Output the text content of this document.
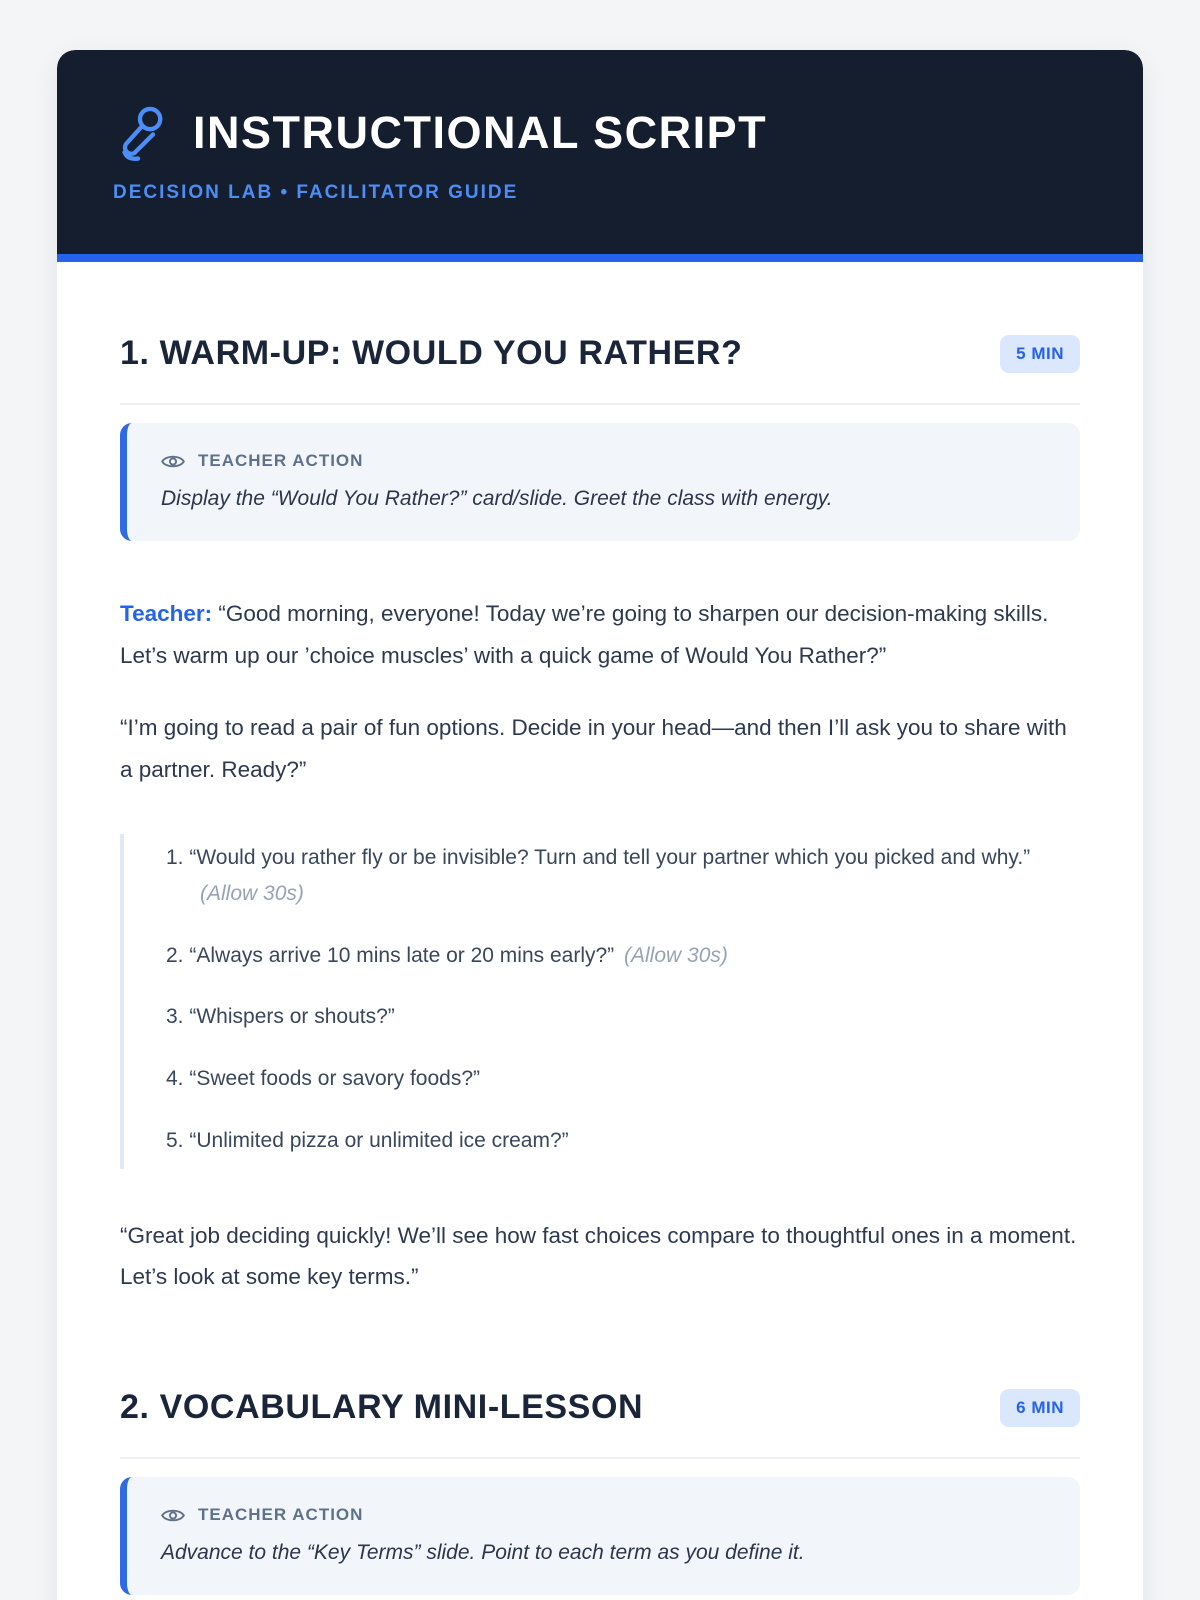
INSTRUCTIONAL SCRIPT
DECISION LAB • FACILITATOR GUIDE
1. WARM-UP: WOULD YOU RATHER?	5 MIN
TEACHER ACTION

Display the “Would You Rather?” card/slide. Greet the class with energy.

Teacher: “Good morning, everyone! Today we’re going to sharpen our decision-making skills. Let’s warm up our ’choice muscles’ with a quick game of Would You Rather?”

“I’m going to read a pair of fun options. Decide in your head—and then I’ll ask you to share with a partner. Ready?”

1. “Would you rather fly or be invisible? Turn and tell your partner which you picked and why.” (Allow 30s)
2. “Always arrive 10 mins late or 20 mins early?” (Allow 30s)
3. “Whispers or shouts?”
4. “Sweet foods or savory foods?”
5. “Unlimited pizza or unlimited ice cream?”

“Great job deciding quickly! We’ll see how fast choices compare to thoughtful ones in a moment. Let’s look at some key terms.”

2. VOCABULARY MINI-LESSON	6 MIN
TEACHER ACTION

Advance to the “Key Terms” slide. Point to each term as you define it.
